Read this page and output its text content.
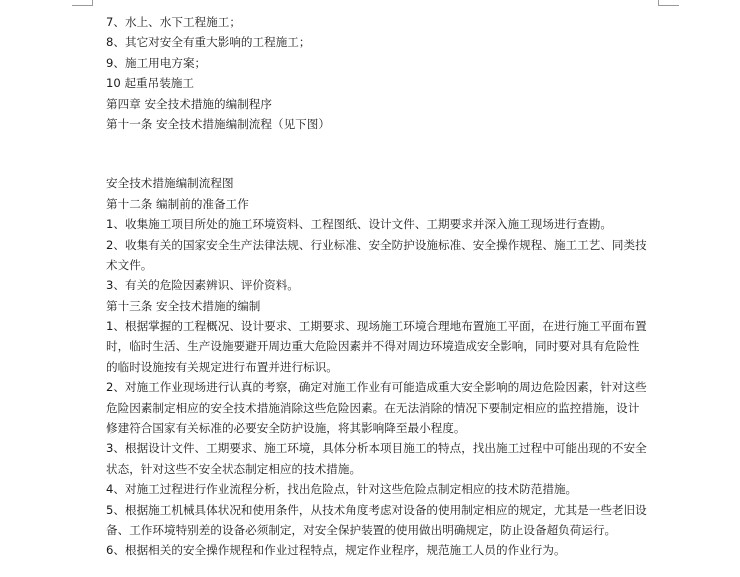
7、水上、水下工程施工；
8、其它对安全有重大影响的工程施工；
9、施工用电方案；
10 起重吊装施工
第四章 安全技术措施的编制程序
第十一条 安全技术措施编制流程（见下图）
安全技术措施编制流程图
第十二条 编制前的准备工作
1、收集施工项目所处的施工环境资料、工程图纸、设计文件、工期要求并深入施工现场进行查勘。
2、收集有关的国家安全生产法律法规、行业标准、安全防护设施标准、安全操作规程、施工工艺、同类技
术文件。
3、有关的危险因素辨识、评价资料。
第十三条 安全技术措施的编制
1、根据掌握的工程概况、设计要求、工期要求、现场施工环境合理地布置施工平面，在进行施工平面布置
时，临时生活、生产设施要避开周边重大危险因素并不得对周边环境造成安全影响，同时要对具有危险性
的临时设施按有关规定进行布置并进行标识。
2、对施工作业现场进行认真的考察，确定对施工作业有可能造成重大安全影响的周边危险因素，针对这些
危险因素制定相应的安全技术措施消除这些危险因素。在无法消除的情况下要制定相应的监控措施，设计
修建符合国家有关标准的必要安全防护设施，将其影响降至最小程度。
3、根据设计文件、工期要求、施工环境，具体分析本项目施工的特点，找出施工过程中可能出现的不安全
状态，针对这些不安全状态制定相应的技术措施。
4、对施工过程进行作业流程分析，找出危险点，针对这些危险点制定相应的技术防范措施。
5、根据施工机械具体状况和使用条件，从技术角度考虑对设备的使用制定相应的规定，尤其是一些老旧设
备、工作环境特别差的设备必须制定，对安全保护装置的使用做出明确规定，防止设备超负荷运行。
6、根据相关的安全操作规程和作业过程特点，规定作业程序，规范施工人员的作业行为。
